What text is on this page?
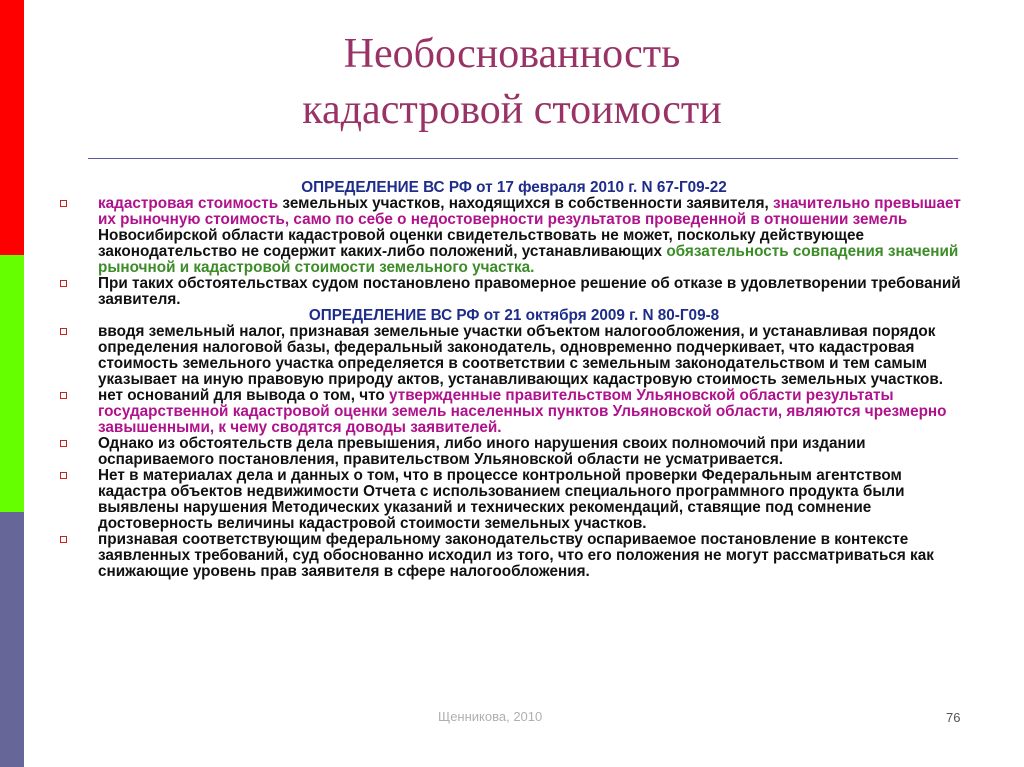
Необоснованность
кадастровой стоимости

ОПРЕДЕЛЕНИЕ ВС РФ от 17 февраля 2010 г. N 67-Г09-22

кадастровая стоимость земельных участков, находящихся в собственности заявителя, значительно превышает их рыночную стоимость, само по себе о недостоверности результатов проведенной в отношении земель Новосибирской области кадастровой оценки свидетельствовать не может, поскольку действующее законодательство не содержит каких-либо положений, устанавливающих обязательность совпадения значений рыночной и кадастровой стоимости земельного участка.

При таких обстоятельствах судом постановлено правомерное решение об отказе в удовлетворении требований заявителя.

ОПРЕДЕЛЕНИЕ ВС РФ от 21 октября 2009 г. N 80-Г09-8

вводя земельный налог, признавая земельные участки объектом налогообложения, и устанавливая порядок определения налоговой базы, федеральный законодатель, одновременно подчеркивает, что кадастровая стоимость земельного участка определяется в соответствии с земельным законодательством и тем самым указывает на иную правовую природу актов, устанавливающих кадастровую стоимость земельных участков.

нет оснований для вывода о том, что утвержденные правительством Ульяновской области результаты государственной кадастровой оценки земель населенных пунктов Ульяновской области, являются чрезмерно завышенными, к чему сводятся доводы заявителей.

Однако из обстоятельств дела превышения, либо иного нарушения своих полномочий при издании оспариваемого постановления, правительством Ульяновской области не усматривается.

Нет в материалах дела и данных о том, что в процессе контрольной проверки Федеральным агентством кадастра объектов недвижимости Отчета с использованием специального программного продукта были выявлены нарушения Методических указаний и технических рекомендаций, ставящие под сомнение достоверность величины кадастровой стоимости земельных участков.

признавая соответствующим федеральному законодательству оспариваемое постановление в контексте заявленных требований, суд обоснованно исходил из того, что его положения не могут рассматриваться как снижающие уровень прав заявителя в сфере налогообложения.

Щенникова, 2010	76
